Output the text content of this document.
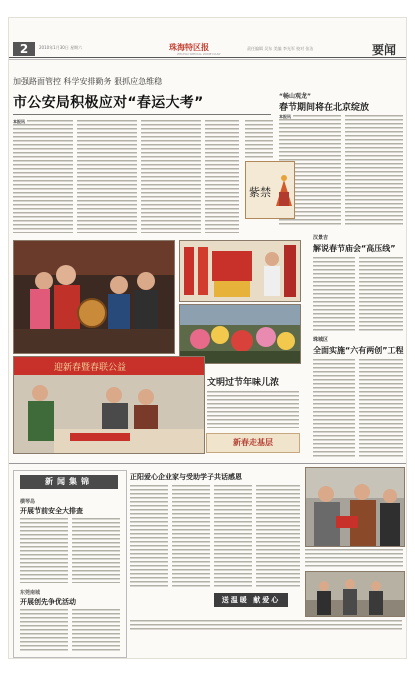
2	2010年1月30日 星期六	珠海特区报
ZHUHAI SPECIAL ZONE DAILY
责任编辑 吴东 美编 李光军 校对 张洁	要闻
加强路面管控 科学安排勤务 狠抓应急维稳
市公安局积极应对“春运大考”
本报讯
“畅山观龙”
春节期间将在北京绽放
本报讯
紫禁
迎新春暨春联公益
文明过节年味儿浓
新春走基层
汉景吉
解说春节庙会“高压线”
珠城区
全面实施“六有两创”工程
新闻集锦
横琴岛
开展节前安全大排查
东莞南城
开展创先争优活动
正阳爱心企业家与受助学子共话感恩
送温暖 献爱心
